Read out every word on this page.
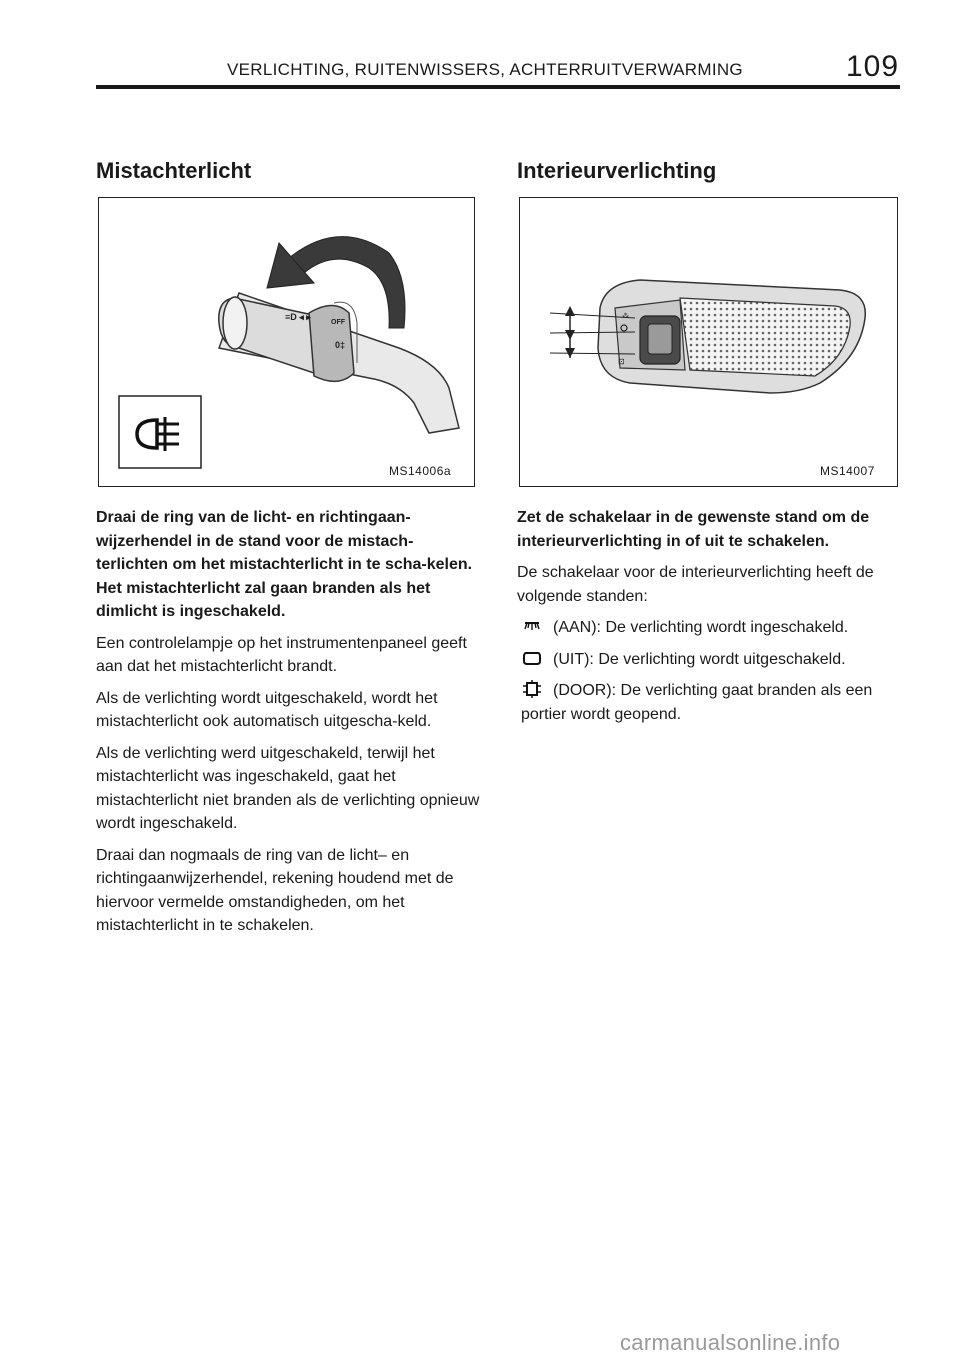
VERLICHTING, RUITENWISSERS, ACHTERRUITVERWARMING	109
Mistachterlicht
≡D ◂ ▸
OFF
0‡
MS14006a

Draai de ring van de licht- en richtingaan-wijzerhendel in de stand voor de mistach-terlichten om het mistachterlicht in te scha-kelen. Het mistachterlicht zal gaan branden als het dimlicht is ingeschakeld.

Een controlelampje op het instrumentenpaneel geeft aan dat het mistachterlicht brandt.

Als de verlichting wordt uitgeschakeld, wordt het mistachterlicht ook automatisch uitgescha-keld.

Als de verlichting werd uitgeschakeld, terwijl het mistachterlicht was ingeschakeld, gaat het mistachterlicht niet branden als de verlichting opnieuw wordt ingeschakeld.

Draai dan nogmaals de ring van de licht– en richtingaanwijzerhendel, rekening houdend met de hiervoor vermelde omstandigheden, om het mistachterlicht in te schakelen.

Interieurverlichting
⊡
⁂
MS14007

Zet de schakelaar in de gewenste stand om de interieurverlichting in of uit te schakelen.

De schakelaar voor de interieurverlichting heeft de volgende standen:

(AAN): De verlichting wordt ingeschakeld.
(UIT): De verlichting wordt uitgeschakeld.
(DOOR): De verlichting gaat branden als een portier wordt geopend.
carmanualsonline.info
